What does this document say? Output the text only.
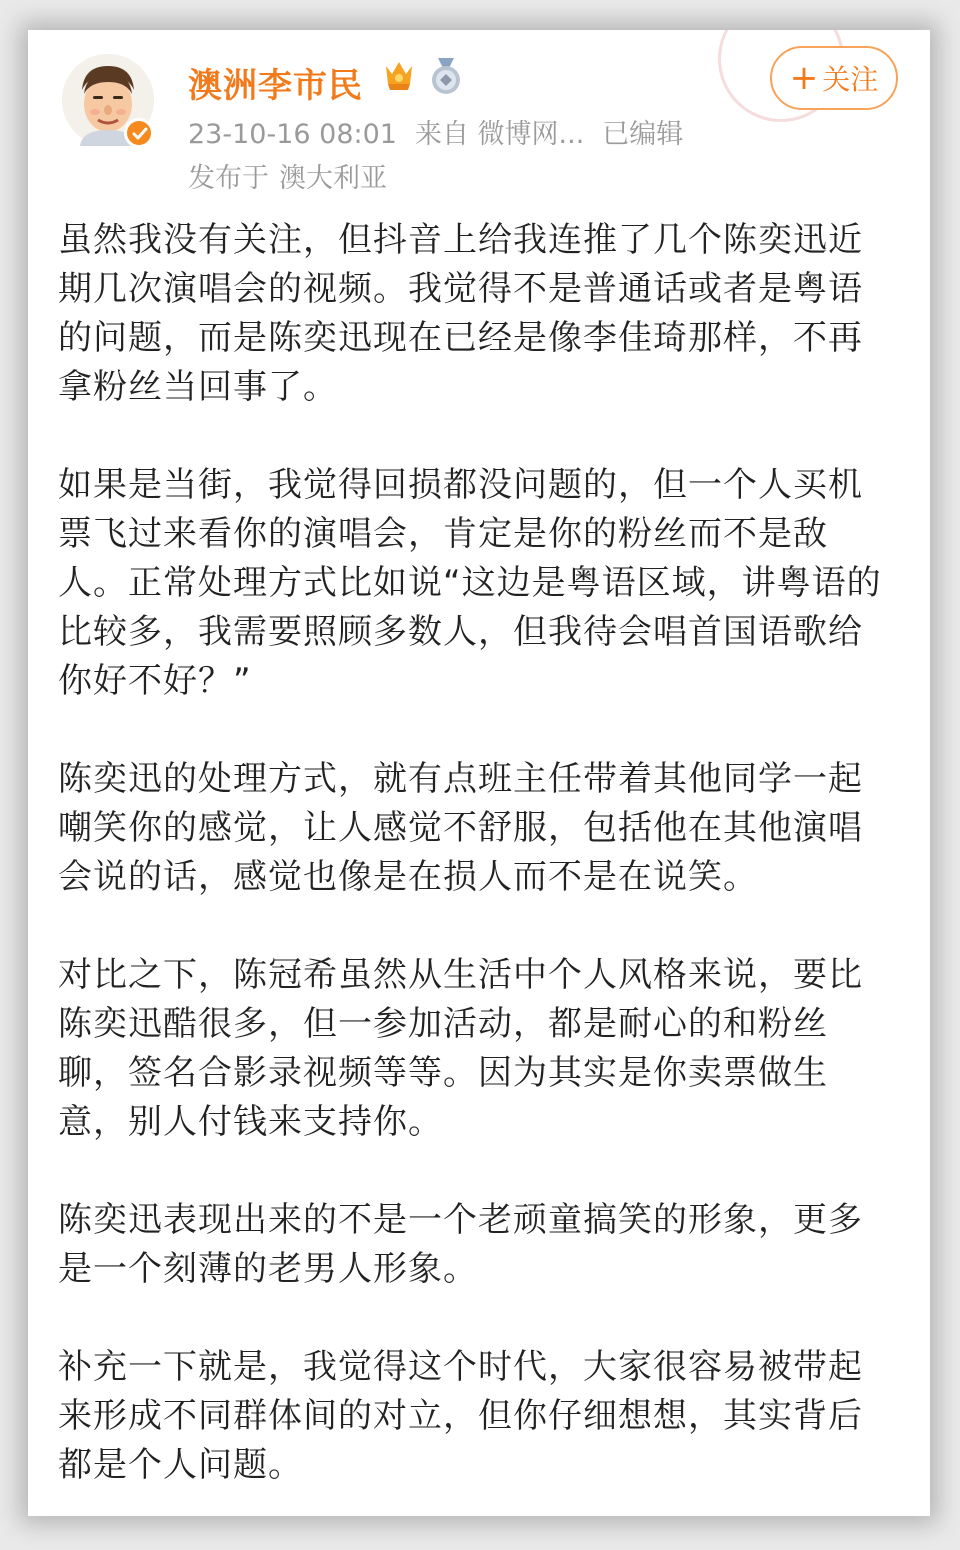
澳洲李市民
23-10-16 08:01 来自 微博网... 已编辑
发布于 澳大利亚
+ 关注

虽然我没有关注，但抖音上给我连推了几个陈奕迅近期几次演唱会的视频。我觉得不是普通话或者是粤语的问题，而是陈奕迅现在已经是像李佳琦那样，不再拿粉丝当回事了。

如果是当街，我觉得回损都没问题的，但一个人买机票飞过来看你的演唱会，肯定是你的粉丝而不是敌人。正常处理方式比如说“这边是粤语区域，讲粤语的比较多，我需要照顾多数人，但我待会唱首国语歌给你好不好？”

陈奕迅的处理方式，就有点班主任带着其他同学一起嘲笑你的感觉，让人感觉不舒服，包括他在其他演唱会说的话，感觉也像是在损人而不是在说笑。

对比之下，陈冠希虽然从生活中个人风格来说，要比陈奕迅酷很多，但一参加活动，都是耐心的和粉丝聊，签名合影录视频等等。因为其实是你卖票做生意，别人付钱来支持你。

陈奕迅表现出来的不是一个老顽童搞笑的形象，更多是一个刻薄的老男人形象。

补充一下就是，我觉得这个时代，大家很容易被带起来形成不同群体间的对立，但你仔细想想，其实背后都是个人问题。
